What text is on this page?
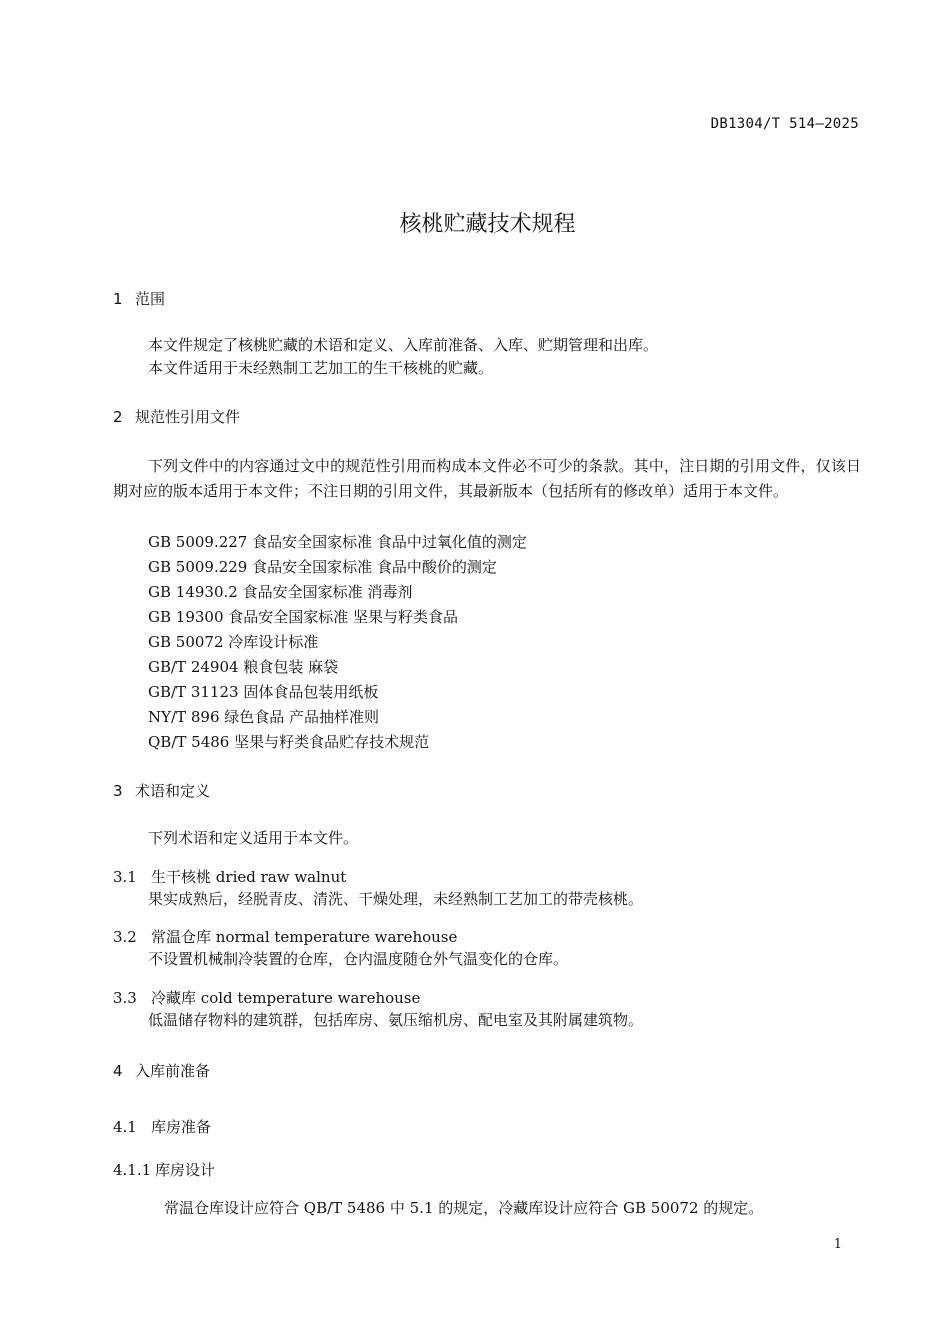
DB1304/T 514—2025
核桃贮藏技术规程
1 范围
本文件规定了核桃贮藏的术语和定义、入库前准备、入库、贮期管理和出库。
本文件适用于未经熟制工艺加工的生干核桃的贮藏。
2 规范性引用文件
下列文件中的内容通过文中的规范性引用而构成本文件必不可少的条款。其中，注日期的引用文件，仅该日期对应的版本适用于本文件；不注日期的引用文件，其最新版本（包括所有的修改单）适用于本文件。
GB 5009.227 食品安全国家标准 食品中过氧化值的测定
GB 5009.229 食品安全国家标准 食品中酸价的测定
GB 14930.2 食品安全国家标准 消毒剂
GB 19300 食品安全国家标准 坚果与籽类食品
GB 50072 冷库设计标准
GB/T 24904 粮食包装 麻袋
GB/T 31123 固体食品包装用纸板
NY/T 896 绿色食品 产品抽样准则
QB/T 5486 坚果与籽类食品贮存技术规范
3 术语和定义
下列术语和定义适用于本文件。
3.1 生干核桃 dried raw walnut
果实成熟后，经脱青皮、清洗、干燥处理，未经熟制工艺加工的带壳核桃。
3.2 常温仓库 normal temperature warehouse
不设置机械制冷装置的仓库，仓内温度随仓外气温变化的仓库。
3.3 冷藏库 cold temperature warehouse
低温储存物料的建筑群，包括库房、氨压缩机房、配电室及其附属建筑物。
4 入库前准备
4.1 库房准备
4.1.1 库房设计
常温仓库设计应符合 QB/T 5486 中 5.1 的规定，冷藏库设计应符合 GB 50072 的规定。
1
